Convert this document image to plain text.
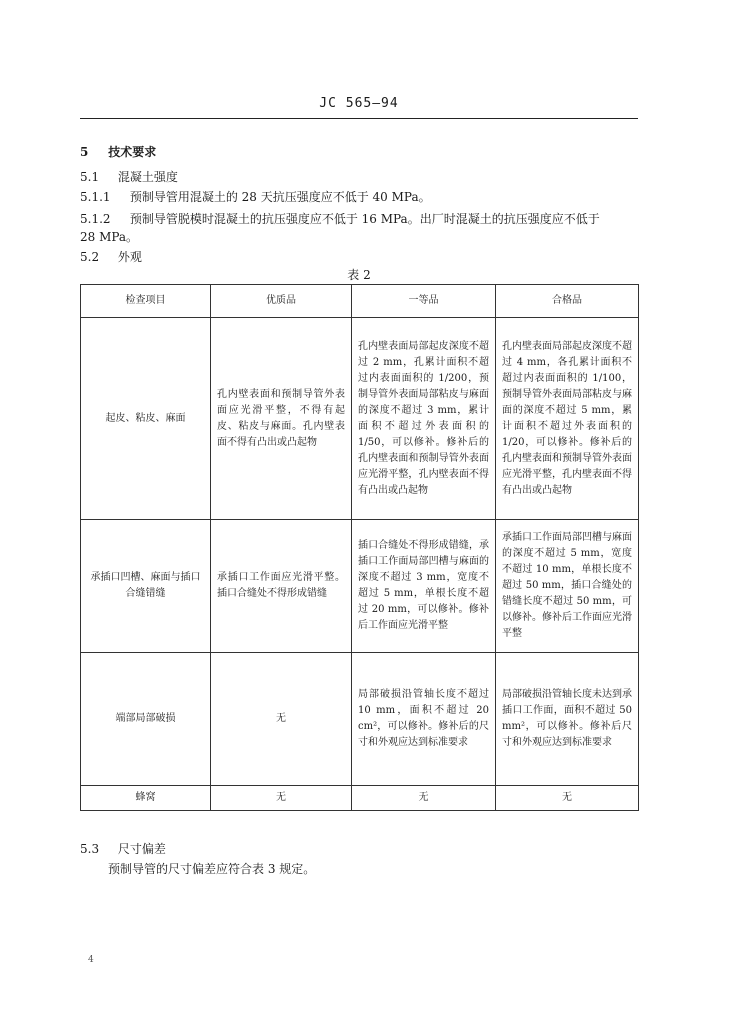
JC 565—94
5 技术要求
5.1 混凝土强度
5.1.1 预制导管用混凝土的 28 天抗压强度应不低于 40 MPa。
5.1.2 预制导管脱模时混凝土的抗压强度应不低于 16 MPa。出厂时混凝土的抗压强度应不低于
28 MPa。
5.2 外观
表 2
检查项目	优质品	一等品	合格品
起皮、粘皮、麻面	孔内壁表面和预制导管外表面应光滑平整，不得有起皮、粘皮与麻面。孔内壁表面不得有凸出或凸起物	孔内壁表面局部起皮深度不超过 2 mm，孔累计面积不超过内表面面积的 1/200，预制导管外表面局部粘皮与麻面的深度不超过 3 mm，累计面积不超过外表面积的 1/50，可以修补。修补后的孔内壁表面和预制导管外表面应光滑平整，孔内壁表面不得有凸出或凸起物	孔内壁表面局部起皮深度不超过 4 mm，各孔累计面积不超过内表面面积的 1/100，预制导管外表面局部粘皮与麻面的深度不超过 5 mm，累计面积不超过外表面积的 1/20，可以修补。修补后的孔内壁表面和预制导管外表面应光滑平整，孔内壁表面不得有凸出或凸起物
承插口凹槽、麻面与插口合缝错缝	承插口工作面应光滑平整。插口合缝处不得形成错缝	插口合缝处不得形成错缝，承插口工作面局部凹槽与麻面的深度不超过 3 mm，宽度不超过 5 mm，单根长度不超过 20 mm，可以修补。修补后工作面应光滑平整	承插口工作面局部凹槽与麻面的深度不超过 5 mm，宽度不超过 10 mm，单根长度不超过 50 mm，插口合缝处的错缝长度不超过 50 mm，可以修补。修补后工作面应光滑平整
端部局部破损	无	局部破损沿管轴长度不超过 10 mm，面积不超过 20 cm²，可以修补。修补后的尺寸和外观应达到标准要求	局部破损沿管轴长度未达到承插口工作面，面积不超过 50 mm²，可以修补。修补后尺寸和外观应达到标准要求
蜂窝	无	无	无
5.3 尺寸偏差
预制导管的尺寸偏差应符合表 3 规定。
4
